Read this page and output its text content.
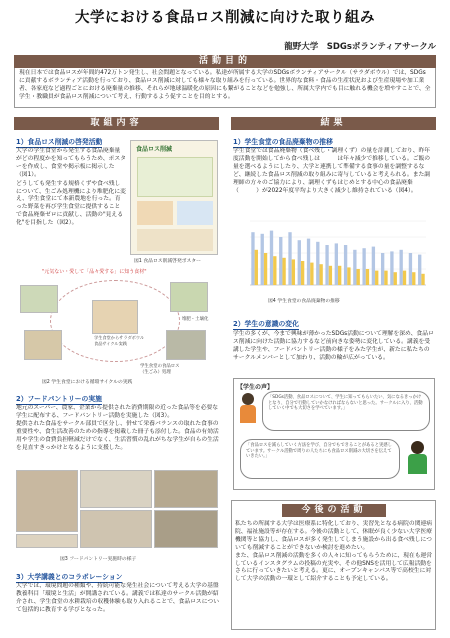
大学における食品ロス削減に向けた取り組み
龍野大学　SDGsボランティアサークル
活動目的
現在日本では食品ロスが年間約472万トン発生し、社会問題となっている。私達が所属する大学のSDGsボランティアサークル（サラダボウル）では、SDGsに貢献するボランティア活動を行っており、食品ロス削減に対しても様々な取り組みを行っている。世界的な食料・食品の生産状況および生産現場や加工業者、各家庭など過程ごとにおける廃棄量の推移、それらが地球温暖化の原因にも繋がることなどを勉強し、所属大学内でも目に触れる機会を増やすことで、全学生・教職員が食品ロス削減について考え、行動するよう促すことを目的とする。
取組内容
1）食品ロス削減の啓発活動
大学の学生食堂から発生する食品廃棄量がどの程度かを知ってもらうため、ポスターを作成し、食堂や掲示板に掲示した（図1）。
どうしても発生する規格くずや食べ残しについて、生ごみ処理機により堆肥化に変え、学生食堂にて本新農地を行った。育った野菜を再び学生食堂に提供することで食品廃棄ゼロに貢献し、活動の"見える化"を目指した（図2）。
食品ロス削減
図1 食品ロス削減啓発ポスター
"元気ない・愛して「品々愛する」に知う食材"
学生食堂からサラダボウル
食品サイクル実践
堆肥・土壌化
学生食堂の食品ロス
（生ごみ）処理
図2 学生食堂における循環サイクルの実践
2）フードパントリーの実施
地元のスーパー、農家、企業から提供された消費期限の近った食品等を必要な学生に配布する、フードパントリー活動を実施した（図3）。
提供された食品をサークル部員で区分し、併せて栄養バランスの取れた食事の重要性や、食生活改善のための指導を掲載した冊子も添付した。食品の有効活用や学生の食費負担軽減だけでなく、生活習慣の乱れがちな学生が自らの生活を見直すきっかけとなるように支援した。
図3 フードパントリー実施時の様子
3）大学講義とのコラボレーション
大学では、環境問題の種類や、持続可能な発生社会について考える大学の基盤教養科目「環境と生活」が開講されている。講義では私達のサークル活動が紹介され、学生食堂の水耕栽培の収穫体験も取り入れることで、食品ロスについて包括的に教育する学びとなった。
結果
1）学生食堂の食品廃棄物の推移
学生食堂では食品廃棄物（食べ残し・調理くず）の量を計測しており、昨年度活動を開始してから食べ残しは　　　は年々減少で推移している。ご飯の量を選べるようにしたり、大学と連携して準備する食事の量を調整するなど、継続した食品ロス削減の取り組みに寄与していると考えられる。また調理師の方々のご協力により、調理くずもはじめとする中心の食品廃棄（　　　）が2022年度平均より大きく減少し維持されている（図4）。
図4 学生食堂の食品廃棄物の推移
2）学生の意識の変化
学生の多くが、今まで興味が薄かったSDGs活動について理解を深め、食品ロス削減に向けた活動に協力するなど前向きな姿勢に変化している。講義を受講した学生や、フードパントリー活動の様子をみた学生が、新たに私たちのサークルメンバーとして加わり、活動の輪が広がっている。
【学生の声】
「SDGs活動、食品ロスについて、学生に知ってもらいたい、気になるきっかけとなり、自分で行動していかなければならないと思った。サークルに入り、活動していく中でも大切さを学べています。」
「食品ロスを減らしていく方法を学び、自分でもできることがあると実感しています。サークル活動で周りの人たちにも食品ロス削減の大切さを伝えていきたい。」
今後の活動
私たちの所属する大学は医療系に特化しており、実習先となる病院の関連病院、福祉施設等が存在する。今後の活動として、休眠が良く少ない大学医療機関等と協力し、食品ロスが多く発生してしまう施設から出る食べ残しについても削減することができないか検討を進めたい。
また、食品ロス削減の活動を多くの人々に知ってもらうために、現在も運営しているインスタグラムの投稿の充実や、その他SNSを活用して広報活動をさらに行っていきたいと考える。更に、オープンキャンパス等で高校生に対して大学の活動の一環として紹介することも予定している。
